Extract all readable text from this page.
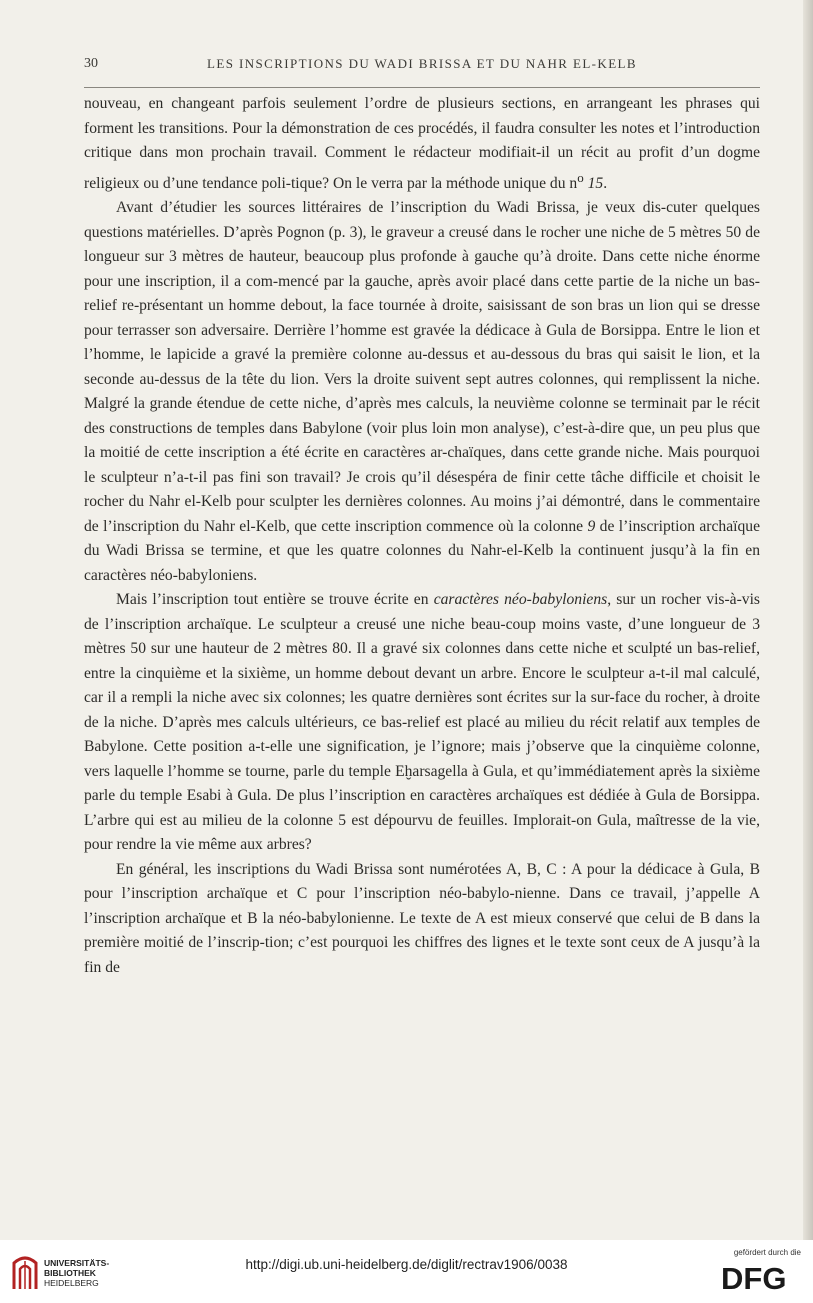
30	LES INSCRIPTIONS DU WADI BRISSA ET DU NAHR EL-KELB

nouveau, en changeant parfois seulement l’ordre de plusieurs sections, en arrangeant les phrases qui forment les transitions. Pour la démonstration de ces procédés, il faudra consulter les notes et l’introduction critique dans mon prochain travail. Comment le rédacteur modifiait-il un récit au profit d’un dogme religieux ou d’une tendance poli-tique? On le verra par la méthode unique du $n^o$ 15.

Avant d’étudier les sources littéraires de l’inscription du Wadi Brissa, je veux dis-cuter quelques questions matérielles. D’après Pognon (p. 3), le graveur a creusé dans le rocher une niche de 5 mètres 50 de longueur sur 3 mètres de hauteur, beaucoup plus profonde à gauche qu’à droite. Dans cette niche énorme pour une inscription, il a com-mencé par la gauche, après avoir placé dans cette partie de la niche un bas-relief re-présentant un homme debout, la face tournée à droite, saisissant de son bras un lion qui se dresse pour terrasser son adversaire. Derrière l’homme est gravée la dédicace à Gula de Borsippa. Entre le lion et l’homme, le lapicide a gravé la première colonne au-dessus et au-dessous du bras qui saisit le lion, et la seconde au-dessus de la tête du lion. Vers la droite suivent sept autres colonnes, qui remplissent la niche. Malgré la grande étendue de cette niche, d’après mes calculs, la neuvième colonne se terminait par le récit des constructions de temples dans Babylone (voir plus loin mon analyse), c’est-à-dire que, un peu plus que la moitié de cette inscription a été écrite en caractères ar-chaïques, dans cette grande niche. Mais pourquoi le sculpteur n’a-t-il pas fini son travail? Je crois qu’il désespéra de finir cette tâche difficile et choisit le rocher du Nahr el-Kelb pour sculpter les dernières colonnes. Au moins j’ai démontré, dans le commentaire de l’inscription du Nahr el-Kelb, que cette inscription commence où la colonne 9 de l’inscription archaïque du Wadi Brissa se termine, et que les quatre colonnes du Nahr-el-Kelb la continuent jusqu’à la fin en caractères néo-babyloniens.

Mais l’inscription tout entière se trouve écrite en caractères néo-babyloniens, sur un rocher vis-à-vis de l’inscription archaïque. Le sculpteur a creusé une niche beau-coup moins vaste, d’une longueur de 3 mètres 50 sur une hauteur de 2 mètres 80. Il a gravé six colonnes dans cette niche et sculpté un bas-relief, entre la cinquième et la sixième, un homme debout devant un arbre. Encore le sculpteur a-t-il mal calculé, car il a rempli la niche avec six colonnes; les quatre dernières sont écrites sur la sur-face du rocher, à droite de la niche. D’après mes calculs ultérieurs, ce bas-relief est placé au milieu du récit relatif aux temples de Babylone. Cette position a-t-elle une signification, je l’ignore; mais j’observe que la cinquième colonne, vers laquelle l’homme se tourne, parle du temple Eḫarsagella à Gula, et qu’immédiatement après la sixième parle du temple Esabi à Gula. De plus l’inscription en caractères archaïques est dédiée à Gula de Borsippa. L’arbre qui est au milieu de la colonne 5 est dépourvu de feuilles. Implorait-on Gula, maîtresse de la vie, pour rendre la vie même aux arbres?

En général, les inscriptions du Wadi Brissa sont numérotées A, B, C : A pour la dédicace à Gula, B pour l’inscription archaïque et C pour l’inscription néo-babylo-nienne. Dans ce travail, j’appelle A l’inscription archaïque et B la néo-babylonienne. Le texte de A est mieux conservé que celui de B dans la première moitié de l’inscrip-tion; c’est pourquoi les chiffres des lignes et le texte sont ceux de A jusqu’à la fin de

UNIVERSITÄTS-
BIBLIOTHEK
HEIDELBERG
http://digi.ub.uni-heidelberg.de/diglit/rectrav1906/0038
gefördert durch die
DFG
